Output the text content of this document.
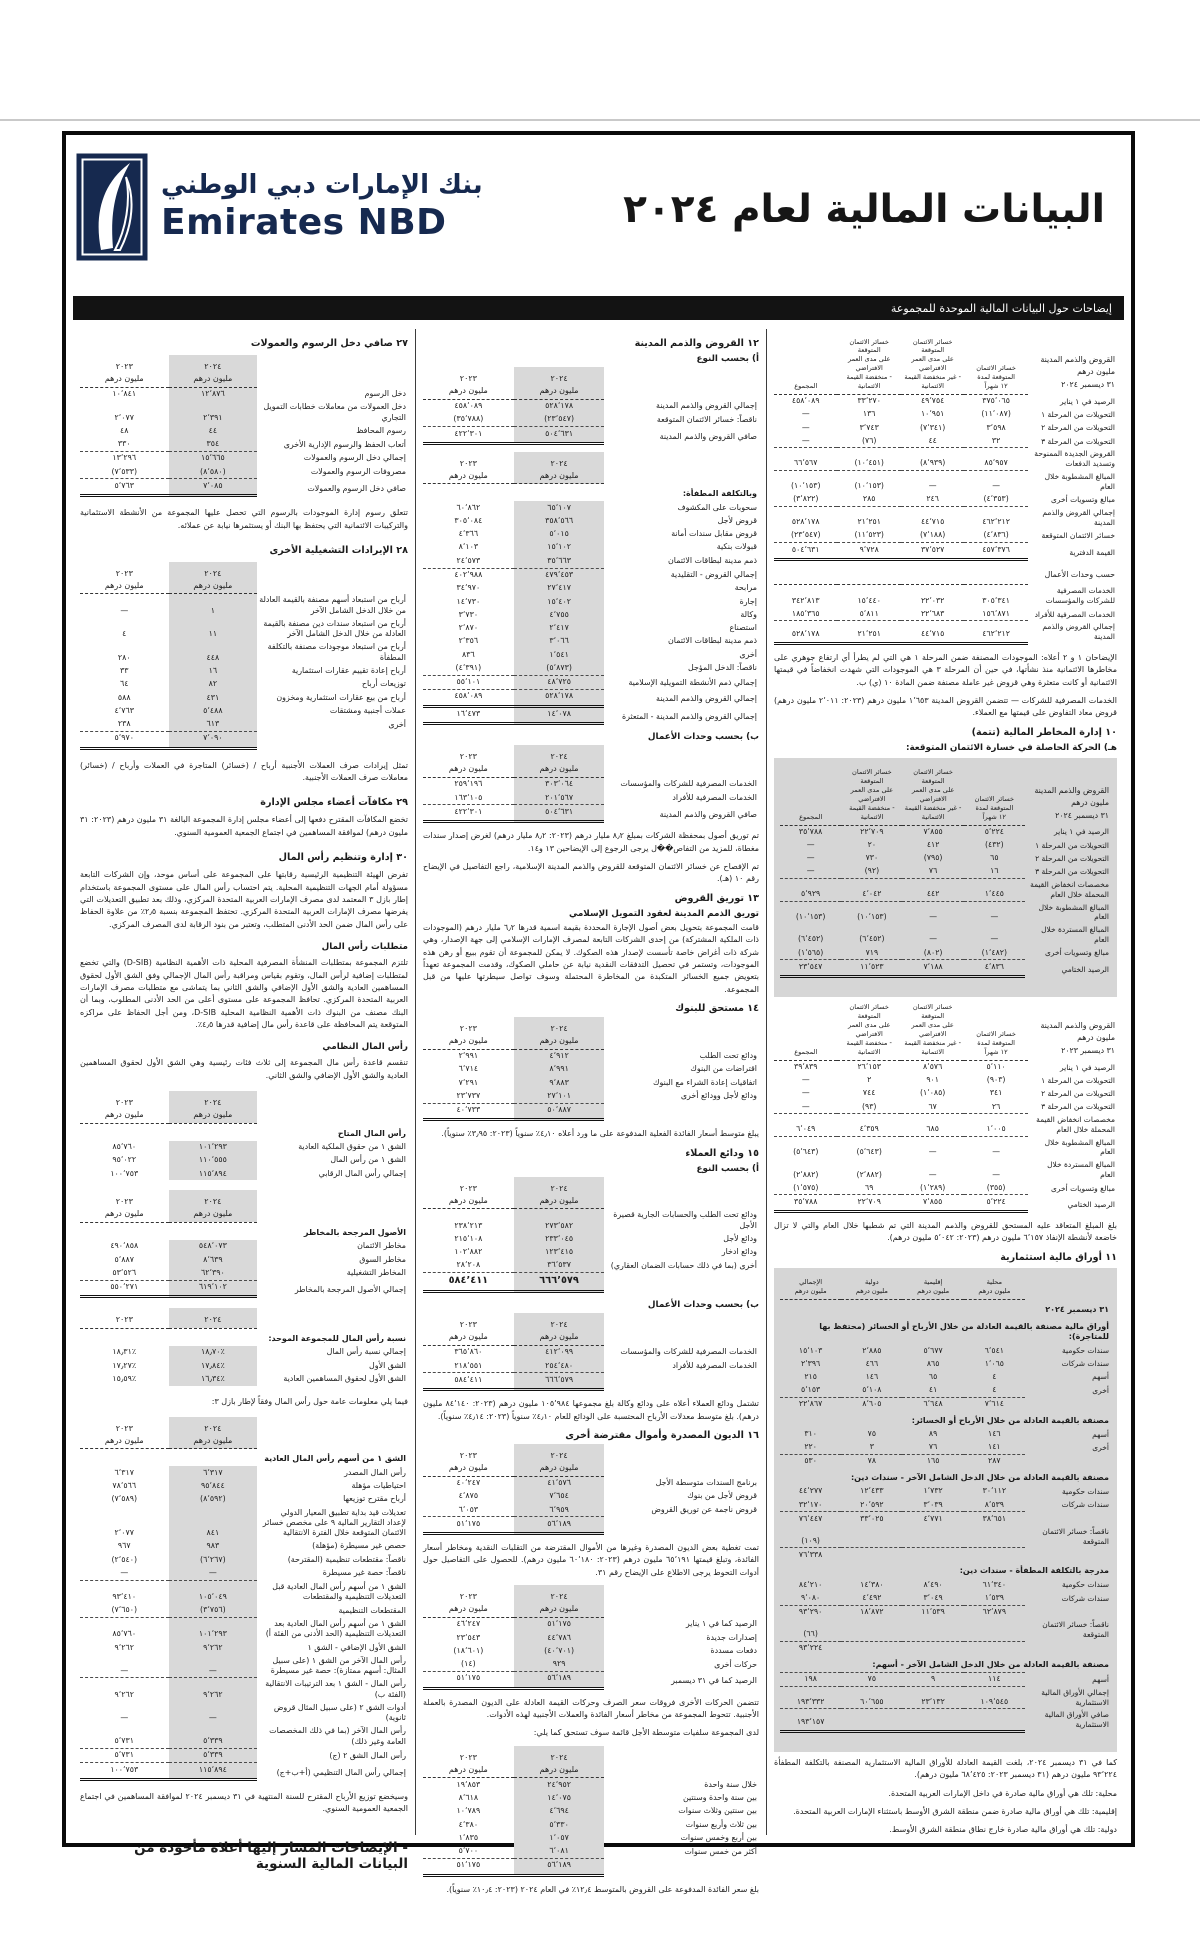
بنك الإمارات دبي الوطني
Emirates NBD	البيانات المالية لعام ٢٠٢٤
إيضاحات حول البيانات المالية الموحدة للمجموعة
القروض والذمم المدينة
مليون درهم
٣١ ديسمبر ٢٠٢٤	خسائر الائتمان
المتوقعة لمدة
١٢ شهراً	خسائر الائتمان المتوقعة
على مدى العمر الافتراضي
- غير منخفضة القيمة
الائتمانية	خسائر الائتمان المتوقعة
على مدى العمر الافتراضي
- منخفضة القيمة
الائتمانية	المجموع
الرصيد في ١ يناير	٣٧٥٬٠٦٥	٤٩٬٧٥٤	٣٣٬٢٧٠	٤٥٨٬٠٨٩
التحويلات من المرحلة ١	(١١٬٠٨٧)	١٠٬٩٥١	١٣٦	—
التحويلات من المرحلة ٢	٣٬٥٩٨	(٧٬٣٤١)	٣٬٧٤٣	—
التحويلات من المرحلة ٣	٣٢	٤٤	(٧٦)	—
القروض الجديدة الممنوحة وتسديد الدفعات	٨٥٬٩٥٧	(٨٬٩٣٩)	(١٠٬٤٥١)	٦٦٬٥٦٧
المبالغ المشطوبة خلال العام	—	—	(١٠٬١٥٣)	(١٠٬١٥٣)
مبالغ وتسويات أخرى	(٤٬٣٥٣)	٢٤٦	٢٨٥	(٣٬٨٢٢)
إجمالي القروض والذمم المدينة	٤٦٢٬٢١٢	٤٤٬٧١٥	٢١٬٢٥١	٥٢٨٬١٧٨
خسائر الائتمان المتوقعة	(٤٬٨٣٦)	(٧٬١٨٨)	(١١٬٥٢٣)	(٢٣٬٥٤٧)
القيمة الدفترية	٤٥٧٬٣٧٦	٣٧٬٥٢٧	٩٬٧٢٨	٥٠٤٬٦٣١
حسب وحدات الأعمال				
الخدمات المصرفية للشركات والمؤسسات	٣٠٥٬٣٤١	٢٢٬٠٣٢	١٥٬٤٤٠	٣٤٢٬٨١٣
الخدمات المصرفية للأفراد	١٥٦٬٨٧١	٢٢٬٦٨٣	٥٬٨١١	١٨٥٬٣٦٥
إجمالي القروض والذمم المدينة	٤٦٢٬٢١٢	٤٤٬٧١٥	٢١٬٢٥١	٥٢٨٬١٧٨
الإيضاحان ١ و ٢ أعلاه: الموجودات المصنفة ضمن المرحلة ١ هي التي لم يطرأ أي ارتفاع جوهري على مخاطرها الائتمانية منذ نشأتها، في حين أن المرحلة ٣ هي الموجودات التي شهدت انخفاضاً في قيمتها الائتمانية أو كانت متعثرة وهي قروض غير عاملة مصنفة ضمن المادة ١٠ (ي) ب.
الخدمات المصرفية للشركات — تتضمن القروض المدينة ١٬٦٥٣ مليون درهم (٢٠٢٣: ٢٬٠١١ مليون درهم) قروض معاد التفاوض على قيمتها مع العملاء.
١٠ إدارة المخاطر المالية (تتمة)
هـ) الحركة الحاصلة في خسارة الائتمان المتوقعة:
القروض والذمم المدينة
مليون درهم
٣١ ديسمبر ٢٠٢٤	خسائر الائتمان
المتوقعة لمدة
١٢ شهراً	خسائر الائتمان المتوقعة
على مدى العمر الافتراضي
- غير منخفضة القيمة
الائتمانية	خسائر الائتمان المتوقعة
على مدى العمر الافتراضي
- منخفضة القيمة
الائتمانية	المجموع
الرصيد في ١ يناير	٥٬٢٢٤	٧٬٨٥٥	٢٢٬٧٠٩	٣٥٬٧٨٨
التحويلات من المرحلة ١	(٤٣٢)	٤١٢	٢٠	—
التحويلات من المرحلة ٢	٦٥	(٧٩٥)	٧٣٠	—
التحويلات من المرحلة ٣	١٦	٧٦	(٩٢)	—
مخصصات انخفاض القيمة المحملة خلال العام	١٬٤٤٥	٤٤٢	٤٬٠٤٢	٥٬٩٢٩
المبالغ المشطوبة خلال العام	—	—	(١٠٬١٥٣)	(١٠٬١٥٣)
المبالغ المستردة خلال العام	—	—	(٦٬٤٥٢)	(٦٬٤٥٢)
مبالغ وتسويات أخرى	(١٬٤٨٢)	(٨٠٢)	٧١٩	(١٬٥٦٥)
الرصيد الختامي	٤٬٨٣٦	٧٬١٨٨	١١٬٥٢٣	٢٣٬٥٤٧
القروض والذمم المدينة
مليون درهم
٣١ ديسمبر ٢٠٢٣	خسائر الائتمان
المتوقعة لمدة
١٢ شهراً	خسائر الائتمان المتوقعة
على مدى العمر الافتراضي
- غير منخفضة القيمة
الائتمانية	خسائر الائتمان المتوقعة
على مدى العمر الافتراضي
- منخفضة القيمة
الائتمانية	المجموع
الرصيد في ١ يناير	٥٬١١٠	٨٬٥٧٦	٢٦٬١٥٣	٣٩٬٨٣٩
التحويلات من المرحلة ١	(٩٠٣)	٩٠١	٢	—
التحويلات من المرحلة ٢	٣٤١	(١٬٠٨٥)	٧٤٤	—
التحويلات من المرحلة ٣	٢٦	٦٧	(٩٣)	—
مخصصات انخفاض القيمة المحملة خلال العام	١٬٠٠٥	٦٨٥	٤٬٣٥٩	٦٬٠٤٩
المبالغ المشطوبة خلال العام	—	—	(٥٬٦٤٣)	(٥٬٦٤٣)
المبالغ المستردة خلال العام	—	—	(٢٬٨٨٢)	(٢٬٨٨٢)
مبالغ وتسويات أخرى	(٣٥٥)	(١٬٢٨٩)	٦٩	(١٬٥٧٥)
الرصيد الختامي	٥٬٢٢٤	٧٬٨٥٥	٢٢٬٧٠٩	٣٥٬٧٨٨
بلغ المبلغ المتعاقد عليه المستحق للقروض والذمم المدينة التي تم شطبها خلال العام والتي لا تزال خاضعة لأنشطة الإنفاذ ٦٬١٥٧ مليون درهم (٢٠٢٣: ٥٬٠٤٢ مليون درهم).
١١ أوراق مالية استثمارية
	محلية
مليون درهم	إقليمية
مليون درهم	دولية
مليون درهم	الإجمالي
مليون درهم
٣١ ديسمبر ٢٠٢٤				
أوراق مالية مصنفة بالقيمة العادلة من خلال الأرباح أو الخسائر (محتفظ بها للمتاجرة):				
سندات حكومية	٦٬٥٤١	٥٬٦٧٧	٢٬٨٨٥	١٥٬١٠٣
سندات شركات	١٬٠٦٥	٨٦٥	٤٦٦	٢٬٣٩٦
أسهم	٤	٦٥	١٤٦	٢١٥
أخرى	٤	٤١	٥٬١٠٨	٥٬١٥٣
	٧٬٦١٤	٦٬٦٤٨	٨٬٦٠٥	٢٢٬٨٦٧
مصنفة بالقيمة العادلة من خلال الأرباح أو الخسائر:				
أسهم	١٤٦	٨٩	٧٥	٣١٠
أخرى	١٤١	٧٦	٣	٢٢٠
	٢٨٧	١٦٥	٧٨	٥٣٠
مصنفة بالقيمة العادلة من خلال الدخل الشامل الآخر - سندات دين:				
سندات حكومية	٣٠٬١١٢	١٬٧٣٢	١٢٬٤٣٣	٤٤٬٢٧٧
سندات شركات	٨٬٥٣٩	٣٬٠٣٩	٢٠٬٥٩٢	٣٢٬١٧٠
	٣٨٬٦٥١	٤٬٧٧١	٣٣٬٠٢٥	٧٦٬٤٤٧
ناقصاً: خسائر الائتمان المتوقعة				(١٠٩)
				٧٦٬٣٣٨
مدرجة بالتكلفة المطفأة - سندات دين:				
سندات حكومية	٦١٬٣٤٠	٨٬٤٩٠	١٤٬٣٨٠	٨٤٬٢١٠
سندات شركات	١٬٥٣٩	٣٬٠٤٩	٤٬٤٩٢	٩٬٠٨٠
	٦٢٬٨٧٩	١١٬٥٣٩	١٨٬٨٧٢	٩٣٬٢٩٠
ناقصاً: خسائر الائتمان المتوقعة				(٦٦)
				٩٣٬٢٢٤
مصنفة بالقيمة العادلة من خلال الدخل الشامل الآخر - أسهم:				
أسهم	١١٤	٩	٧٥	١٩٨
إجمالي الأوراق المالية الاستثمارية	١٠٩٬٥٤٥	٢٣٬١٣٢	٦٠٬٦٥٥	١٩٣٬٣٣٢
صافي الأوراق المالية الاستثمارية				١٩٣٬١٥٧
كما في ٣١ ديسمبر ٢٠٢٤، بلغت القيمة العادلة للأوراق المالية الاستثمارية المصنفة بالتكلفة المطفأة ٩٣٬٢٢٤ مليون درهم (٣١ ديسمبر ٢٠٢٣: ٦٨٬٤٢٥ مليون درهم).
محلية: تلك هي أوراق مالية صادرة في داخل الإمارات العربية المتحدة.
إقليمية: تلك هي أوراق مالية صادرة ضمن منطقة الشرق الأوسط باستثناء الإمارات العربية المتحدة.
دولية: تلك هي أوراق مالية صادرة خارج نطاق منطقة الشرق الأوسط.
١٢ القروض والذمم المدينة
أ) بحسب النوع
	٢٠٢٤
مليون درهم	٢٠٢٣
مليون درهم
إجمالي القروض والذمم المدينة	٥٢٨٬١٧٨	٤٥٨٬٠٨٩
ناقصاً: خسائر الائتمان المتوقعة	(٢٣٬٥٤٧)	(٣٥٬٧٨٨)
صافي القروض والذمم المدينة	٥٠٤٬٦٣١	٤٢٢٬٣٠١
	٢٠٢٤
مليون درهم	٢٠٢٣
مليون درهم
وبالتكلفة المطفأة:		
سحوبات على المكشوف	٦٥٬١٠٧	٦٠٬٨٦٢
قروض لأجل	٣٥٨٬٥٦٦	٣٠٥٬٠٨٤
قروض مقابل سندات أمانة	٥٬٠١٥	٤٬٣٦٦
قبولات بنكية	١٥٬١٠٢	٨٬١٠٣
ذمم مدينة لبطاقات الائتمان	٣٥٬٦٦٣	٢٤٬٥٧٣
إجمالي القروض - التقليدية	٤٧٩٬٤٥٣	٤٠٢٬٩٨٨
مرابحة	٢٧٬٤١٧	٣٤٬٩٧٠
إجارة	١٥٬٤٠٢	١٤٬٧٣٠
وكالة	٤٬٧٥٥	٣٬٧٣٠
استصناع	٢٬٤١٧	٢٬٨٧٠
ذمم مدينة لبطاقات الائتمان	٣٬٠٦٦	٢٬٣٥٦
أخرى	١٬٥٤١	٨٣٦
ناقصاً: الدخل المؤجل	(٥٬٨٧٣)	(٤٬٣٩١)
إجمالي ذمم الأنشطة التمويلية الإسلامية	٤٨٬٧٢٥	٥٥٬١٠١
إجمالي القروض والذمم المدينة	٥٢٨٬١٧٨	٤٥٨٬٠٨٩
إجمالي القروض والذمم المدينة - المتعثرة	١٤٬٠٧٨	١٦٬٤٧٣
ب) بحسب وحدات الأعمال
	٢٠٢٤
مليون درهم	٢٠٢٣
مليون درهم
الخدمات المصرفية للشركات والمؤسسات	٣٠٣٬٠٦٤	٢٥٩٬١٩٦
الخدمات المصرفية للأفراد	٢٠١٬٥٦٧	١٦٣٬١٠٥
صافي القروض والذمم المدينة	٥٠٤٬٦٣١	٤٢٢٬٣٠١
تم توريق أصول بمحفظة الشركات بمبلغ ٨٫٢ مليار درهم (٢٠٢٣: ٨٫٢ مليار درهم) لغرض إصدار سندات مغطاة، للمزيد من التفاص��ل يرجى الرجوع إلى الإيضاحين ١٣ و١٤.
تم الإفصاح عن خسائر الائتمان المتوقعة للقروض والذمم المدينة الإسلامية، راجع التفاصيل في الإيضاح رقم ١٠ (هـ).
١٣ توريق القروض
توريق الذمم المدينة لعقود التمويل الإسلامي
قامت المجموعة بتحويل بعض أصول الإجارة المحددة بقيمة اسمية قدرها ٦٫٢ مليار درهم (الموجودات ذات الملكية المشتركة) من إحدى الشركات التابعة لمصرف الإمارات الإسلامي إلى جهة الإصدار، وهي شركة ذات أغراض خاصة تأسست لإصدار هذه الصكوك. لا يمكن للمجموعة أن تقوم ببيع أو رهن هذه الموجودات، وتستمر في تحصيل التدفقات النقدية نيابة عن حاملي الصكوك، وقدمت المجموعة تعهداً بتعويض جميع الخسائر المتكبدة من المخاطرة المحتملة وسوف تواصل سيطرتها عليها من قبل المجموعة.
١٤ مستحق للبنوك
	٢٠٢٤
مليون درهم	٢٠٢٣
مليون درهم
ودائع تحت الطلب	٤٬٩١٢	٢٬٩٩١
اقتراضات من البنوك	٨٬٩٩١	٦٬٧١٤
اتفاقيات إعادة الشراء مع البنوك	٩٬٨٨٣	٧٬٢٩١
ودائع لأجل وودائع أخرى	٢٧٬١٠١	٢٣٬٧٣٧
	٥٠٬٨٨٧	٤٠٬٧٣٣
يبلغ متوسط أسعار الفائدة الفعلية المدفوعة على ما ورد أعلاه ٤٫١٠٪ سنوياً (٢٠٢٣: ٣٫٩٥٪ سنوياً).
١٥ ودائع العملاء
أ) بحسب النوع
	٢٠٢٤
مليون درهم	٢٠٢٣
مليون درهم
ودائع تحت الطلب والحسابات الجارية قصيرة الأجل	٢٧٣٬٥٨٢	٢٣٨٬٢١٣
ودائع لأجل	٢٣٣٬٠٤٥	٢١٥٬١٠٨
ودائع ادخار	١٢٣٬٤١٥	١٠٢٬٨٨٢
أخرى (بما في ذلك حسابات الضمان العقاري)	٣٦٬٥٣٧	٢٨٬٢٠٨
	٦٦٦٬٥٧٩	٥٨٤٬٤١١
ب) بحسب وحدات الأعمال
	٢٠٢٤
مليون درهم	٢٠٢٣
مليون درهم
الخدمات المصرفية للشركات والمؤسسات	٤١٢٬٠٩٩	٣٦٥٬٨٦٠
الخدمات المصرفية للأفراد	٢٥٤٬٤٨٠	٢١٨٬٥٥١
	٦٦٦٬٥٧٩	٥٨٤٬٤١١
تشتمل ودائع العملاء أعلاه على ودائع وكالة بلغ مجموعها ١٠٥٬٩٨٤ مليون درهم (٢٠٢٣: ٨٤٬١٤٠ مليون درهم). بلغ متوسط معدلات الأرباح المحتسبة على الودائع للعام ٤٫١٠٪ سنوياً (٢٠٢٣: ٤٫١٤٪ سنوياً).
١٦ الديون المصدرة وأموال مقترضة أخرى
	٢٠٢٤
مليون درهم	٢٠٢٣
مليون درهم
برنامج السندات متوسطة الأجل	٤١٬٥٧٦	٤٠٬٢٤٧
قروض لأجل من بنوك	٧٬٦٥٤	٤٬٨٧٥
قروض ناجمة عن توريق القروض	٦٬٩٥٩	٦٬٠٥٣
	٥٦٬١٨٩	٥١٬١٧٥
تمت تغطية بعض الديون المصدرة وغيرها من الأموال المقترضة من التقلبات النقدية ومخاطر أسعار الفائدة، وتبلغ قيمتها ٦٥٬١٩١ مليون درهم (٢٠٢٣: ٦٠٬١٨٠ مليون درهم). للحصول على التفاصيل حول أدوات التحوط يرجى الاطلاع على الإيضاح رقم ٣١.
	٢٠٢٤
مليون درهم	٢٠٢٣
مليون درهم
الرصيد كما في ١ يناير	٥١٬١٧٥	٤٦٬٢٤٧
إصدارات جديدة	٤٤٬٧٨٦	٢٣٬٥٤٣
دفعات مسددة	(٤٠٬٧٠١)	(١٨٬٦٠١)
حركات أخرى	٩٢٩	(١٤)
الرصيد كما في ٣١ ديسمبر	٥٦٬١٨٩	٥١٬١٧٥
تتضمن الحركات الأخرى فروقات سعر الصرف وحركات القيمة العادلة على الديون المصدرة بالعملة الأجنبية. تتحوط المجموعة من مخاطر أسعار الفائدة والعملات الأجنبية لهذه الأدوات.
لدى المجموعة سلفيات متوسطة الأجل قائمة سوف تستحق كما يلي:
	٢٠٢٤
مليون درهم	٢٠٢٣
مليون درهم
خلال سنة واحدة	٢٤٬٩٥٢	١٩٬٨٥٣
بين سنة واحدة وسنتين	١٤٬٠٧٥	٨٬٦١٨
بين سنتين وثلاث سنوات	٤٬٦٩٤	١٠٬٧٨٩
بين ثلاث وأربع سنوات	٥٬٣٣٠	٤٬٣٨٠
بين أربع وخمس سنوات	١٬٠٥٧	١٬٨٣٥
أكثر من خمس سنوات	٦٬٠٨١	٥٬٧٠٠
	٥٦٬١٨٩	٥١٬١٧٥
بلغ سعر الفائدة المدفوعة على القروض بالمتوسط ١٢٫٤٪ في العام ٢٠٢٤ (٢٠٢٣: ١٠٫٤٪ سنوياً).
٢٧ صافي دخل الرسوم والعمولات
	٢٠٢٤
مليون درهم	٢٠٢٣
مليون درهم
دخل الرسوم	١٢٬٨٧٦	١٠٬٨٤١
دخل العمولات من معاملات خطابات التمويل التجاري	٢٬٣٩١	٢٬٠٧٧
رسوم المحافظ	٤٤	٤٨
أتعاب الحفظ والرسوم الإدارية الأخرى	٣٥٤	٣٣٠
إجمالي دخل الرسوم والعمولات	١٥٬٦٦٥	١٣٬٢٩٦
مصروفات الرسوم والعمولات	(٨٬٥٨٠)	(٧٬٥٣٣)
صافي دخل الرسوم والعمولات	٧٬٠٨٥	٥٬٧٦٣
تتعلق رسوم إدارة الموجودات بالرسوم التي تحصل عليها المجموعة من الأنشطة الاستئمانية والتركيبات الائتمانية التي يحتفظ بها البنك أو يستثمرها نيابة عن عملائه.
٢٨ الإيرادات التشغيلية الأخرى
	٢٠٢٤
مليون درهم	٢٠٢٣
مليون درهم
أرباح من استبعاد أسهم مصنفة بالقيمة العادلة من خلال الدخل الشامل الآخر	١	—
أرباح من استبعاد سندات دين مصنفة بالقيمة العادلة من خلال الدخل الشامل الآخر	١١	٤
أرباح من استبعاد موجودات مصنفة بالتكلفة المطفأة	٤٤٨	٢٨٠
أرباح إعادة تقييم عقارات استثمارية	١٦	٣٣
توزيعات أرباح	٨٢	٦٤
أرباح من بيع عقارات استثمارية ومخزون	٤٣١	٥٨٨
عملات أجنبية ومشتقات	٥٬٤٨٨	٤٬٧٦٣
أخرى	٦١٣	٢٣٨
	٧٬٠٩٠	٥٬٩٧٠
تمثل إيرادات صرف العملات الأجنبية أرباح / (خسائر) المتاجرة في العملات وأرباح / (خسائر) معاملات صرف العملات الأجنبية.
٢٩ مكافآت أعضاء مجلس الإدارة
تخضع المكافآت المقترح دفعها إلى أعضاء مجلس إدارة المجموعة البالغة ٣١ مليون درهم (٢٠٢٣: ٣١ مليون درهم) لموافقة المساهمين في اجتماع الجمعية العمومية السنوي.
٣٠ إدارة وتنظيم رأس المال
تفرض الهيئة التنظيمية الرئيسية رقابتها على المجموعة على أساس موحد، وإن الشركات التابعة مسؤولة أمام الجهات التنظيمية المحلية. يتم احتساب رأس المال على مستوى المجموعة باستخدام إطار بازل ٣ المعتمد لدى مصرف الإمارات العربية المتحدة المركزي، وذلك بعد تطبيق التعديلات التي يفرضها مصرف الإمارات العربية المتحدة المركزي. تحتفظ المجموعة بنسبة ٢٫٥٪ من علاوة الحفاظ على رأس المال ضمن الحد الأدنى المتطلب، وتعتبر من بنود الرقابة لدى المصرف المركزي.
متطلبات رأس المال
تلتزم المجموعة بمتطلبات المنشأة المصرفية المحلية ذات الأهمية النظامية (D-SIB) والتي تخضع لمتطلبات إضافية لرأس المال، وتقوم بقياس ومراقبة رأس المال الإجمالي وفق الشق الأول لحقوق المساهمين العادية والشق الأول الإضافي والشق الثاني بما يتماشى مع متطلبات مصرف الإمارات العربية المتحدة المركزي. تحافظ المجموعة على مستوى أعلى من الحد الأدنى المطلوب، وبما أن البنك مصنف من البنوك ذات الأهمية النظامية المحلية D-SIB، ومن أجل الحفاظ على مراكزه المتوقعة يتم المحافظة على قاعدة رأس مال إضافية قدرها ٤٫٥٪.
رأس المال النظامي
تنقسم قاعدة رأس مال المجموعة إلى ثلاث فئات رئيسية وهي الشق الأول لحقوق المساهمين العادية والشق الأول الإضافي والشق الثاني.
	٢٠٢٤
مليون درهم	٢٠٢٣
مليون درهم
رأس المال المتاح		
الشق ١ من حقوق الملكية العادية	١٠١٬٢٩٣	٨٥٬٧٦٠
الشق ١ من رأس المال	١١٠٬٥٥٥	٩٥٬٠٢٢
إجمالي رأس المال الرقابي	١١٥٬٨٩٤	١٠٠٬٧٥٣
	٢٠٢٤
مليون درهم	٢٠٢٣
مليون درهم
الأصول المرجحة بالمخاطر		
مخاطر الائتمان	٥٤٨٬٠٧٣	٤٩٠٬٨٥٨
مخاطر السوق	٨٬٦٣٩	٥٬٨٨٧
المخاطر التشغيلية	٦٢٬٣٩٠	٥٣٬٥٢٦
إجمالي الأصول المرجحة بالمخاطر	٦١٩٬١٠٢	٥٥٠٬٢٧١
	٢٠٢٤	٢٠٢٣
نسبة رأس المال للمجموعة الموحد:		
إجمالي نسبة رأس المال	١٨٫٧٠٪	١٨٫٣١٪
الشق الأول	١٧٫٨٤٪	١٧٫٢٧٪
الشق الأول لحقوق المساهمين العادية	١٦٫٣٤٪	١٥٫٥٩٪
فيما يلي معلومات عامة حول رأس المال وفقاً لإطار بازل ٣:
	٢٠٢٤
مليون درهم	٢٠٢٣
مليون درهم
الشق ١ من أسهم رأس المال العادية		
رأس المال المصدر	٦٬٣١٧	٦٬٣١٧
احتياطيات مؤهلة	٩٥٬٨٤٤	٧٨٬٥٦٦
أرباح مقترح توزيعها	(٨٬٥٩٢)	(٧٬٥٨٩)
تعديلات قيد بداية تطبيق المعيار الدولي لإعداد التقارير المالية ٩ على مخصص خسائر الائتمان المتوقعة خلال الفترة الانتقالية	٨٤١	٢٬٠٧٧
حصص غير مسيطرة (مؤهلة)	٩٨٣	٩٦٧
ناقصاً: مقتطعات تنظيمية (المقترحة)	(٦٬٢٦٧)	(٢٬٥٤٠)
ناقصاً: حصة غير مسيطرة	—	—
الشق ١ من أسهم رأس المال العادية قبل التعديلات التنظيمية والمقتطعات	١٠٥٬٠٤٩	٩٣٬٤١٠
المقتطعات التنظيمية	(٣٬٧٥٦)	(٧٬٦٥٠)
الشق ١ من أسهم رأس المال العادية بعد التعديلات التنظيمية (الحد الأدنى من الفئة أ)	١٠١٬٢٩٣	٨٥٬٧٦٠
الشق الأول الإضافي - الشق ١	٩٬٢٦٢	٩٬٢٦٢
رأس المال الآخر من الشق ١ (على سبيل المثال: أسهم ممتازة): حصة غير مسيطرة	—	—
رأس المال - الشق ١ بعد الترتيبات الانتقالية (الفئة ب)	٩٬٢٦٢	٩٬٢٦٢
أدوات الشق ٢ (على سبيل المثال قروض ثانوية)	—	—
رأس المال الآخر (بما في ذلك المخصصات العامة وغير ذلك)	٥٬٣٣٩	٥٬٧٣١
رأس المال الشق ٢ (ج)	٥٬٣٣٩	٥٬٧٣١
إجمالي رأس المال التنظيمي (أ+ب+ج)	١١٥٬٨٩٤	١٠٠٬٧٥٣
وسيخضع توزيع الأرباح المقترح للسنة المنتهية في ٣١ ديسمبر ٢٠٢٤ لموافقة المساهمين في اجتماع الجمعية العمومية السنوي.
- الإيضاحات المشار إليها أعلاه مأخوذة من البيانات المالية السنوية
